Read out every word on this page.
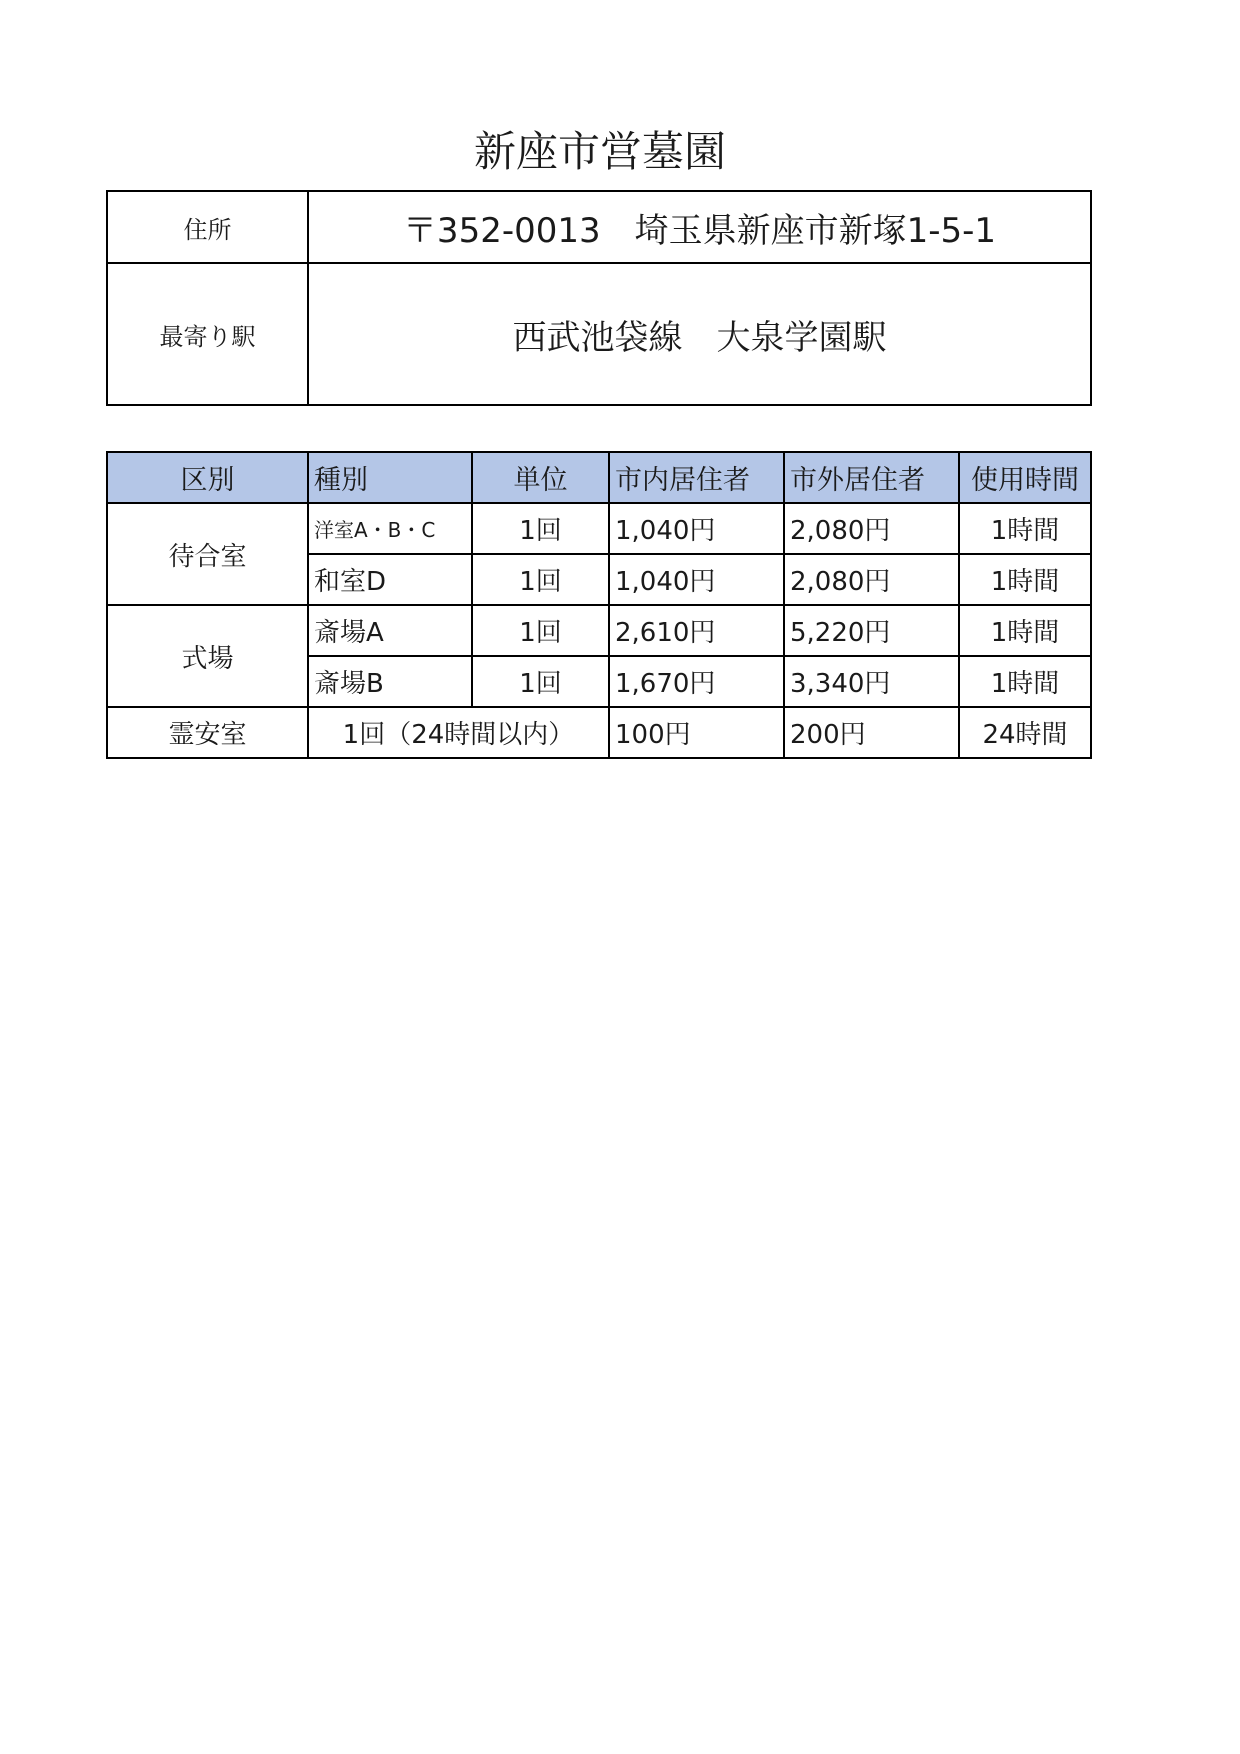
新座市営墓園
住所	〒352-0013　埼玉県新座市新塚1-5-1
最寄り駅	西武池袋線　大泉学園駅
区別	種別	単位	市内居住者	市外居住者	使用時間
待合室	洋室A・B・C	1回	1,040円	2,080円	1時間
	和室D	1回	1,040円	2,080円	1時間
式場	斎場A	1回	2,610円	5,220円	1時間
	斎場B	1回	1,670円	3,340円	1時間
霊安室	1回（24時間以内）		100円	200円	24時間
